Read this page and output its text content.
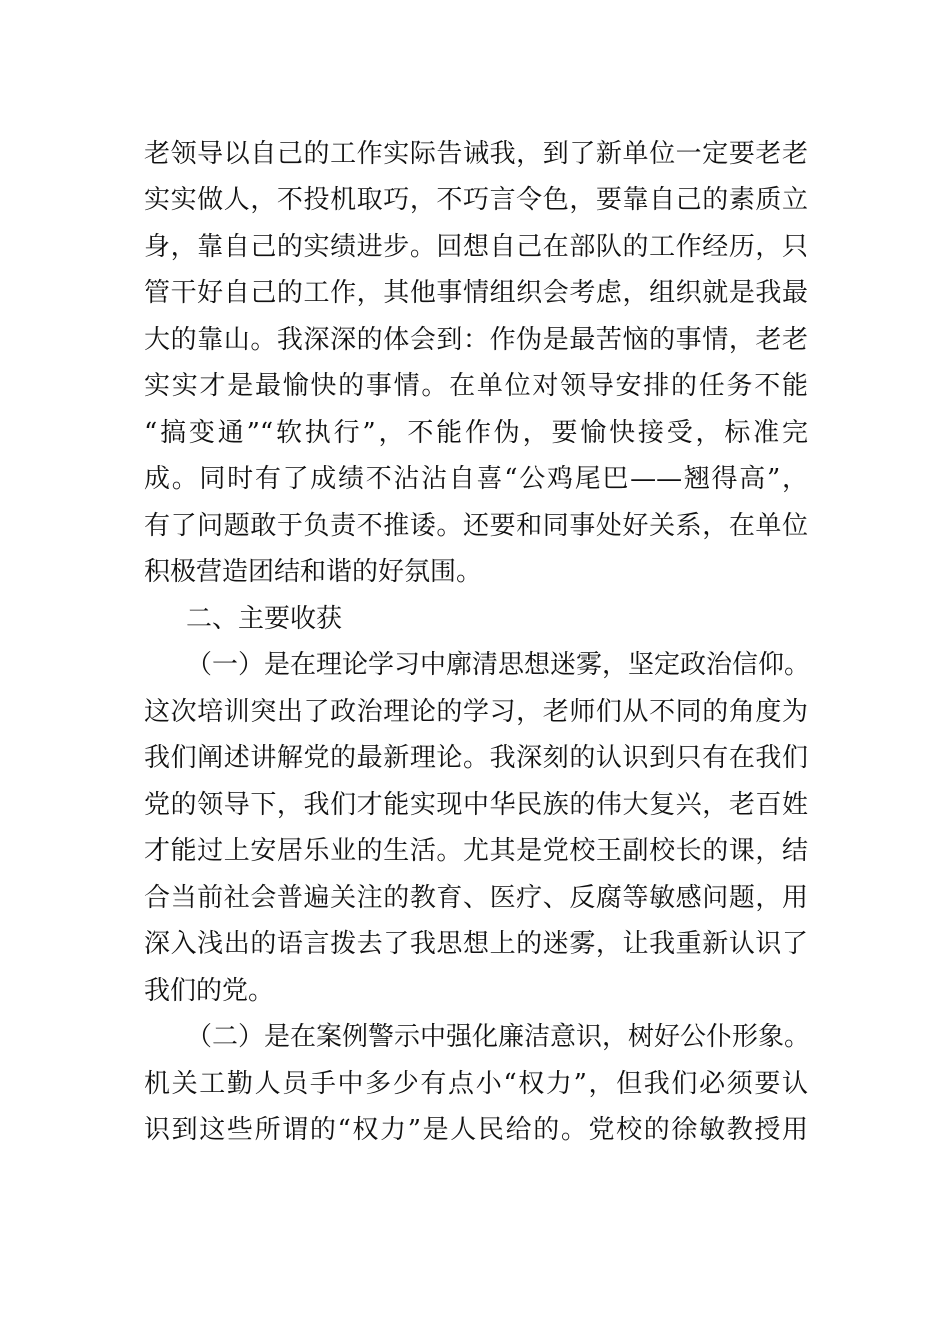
老领导以自己的工作实际告诫我，到了新单位一定要老老
实实做人，不投机取巧，不巧言令色，要靠自己的素质立
身，靠自己的实绩进步。回想自己在部队的工作经历，只
管干好自己的工作，其他事情组织会考虑，组织就是我最
大的靠山。我深深的体会到：作伪是最苦恼的事情，老老
实实才是最愉快的事情。在单位对领导安排的任务不能
“搞变通”“软执行”，不能作伪，要愉快接受，标准完
成。同时有了成绩不沾沾自喜“公鸡尾巴——翘得高”，
有了问题敢于负责不推诿。还要和同事处好关系，在单位
积极营造团结和谐的好氛围。
二、主要收获
（一）是在理论学习中廓清思想迷雾，坚定政治信仰。
这次培训突出了政治理论的学习，老师们从不同的角度为
我们阐述讲解党的最新理论。我深刻的认识到只有在我们
党的领导下，我们才能实现中华民族的伟大复兴，老百姓
才能过上安居乐业的生活。尤其是党校王副校长的课，结
合当前社会普遍关注的教育、医疗、反腐等敏感问题，用
深入浅出的语言拨去了我思想上的迷雾，让我重新认识了
我们的党。
（二）是在案例警示中强化廉洁意识，树好公仆形象。
机关工勤人员手中多少有点小“权力”，但我们必须要认
识到这些所谓的“权力”是人民给的。党校的徐敏教授用
